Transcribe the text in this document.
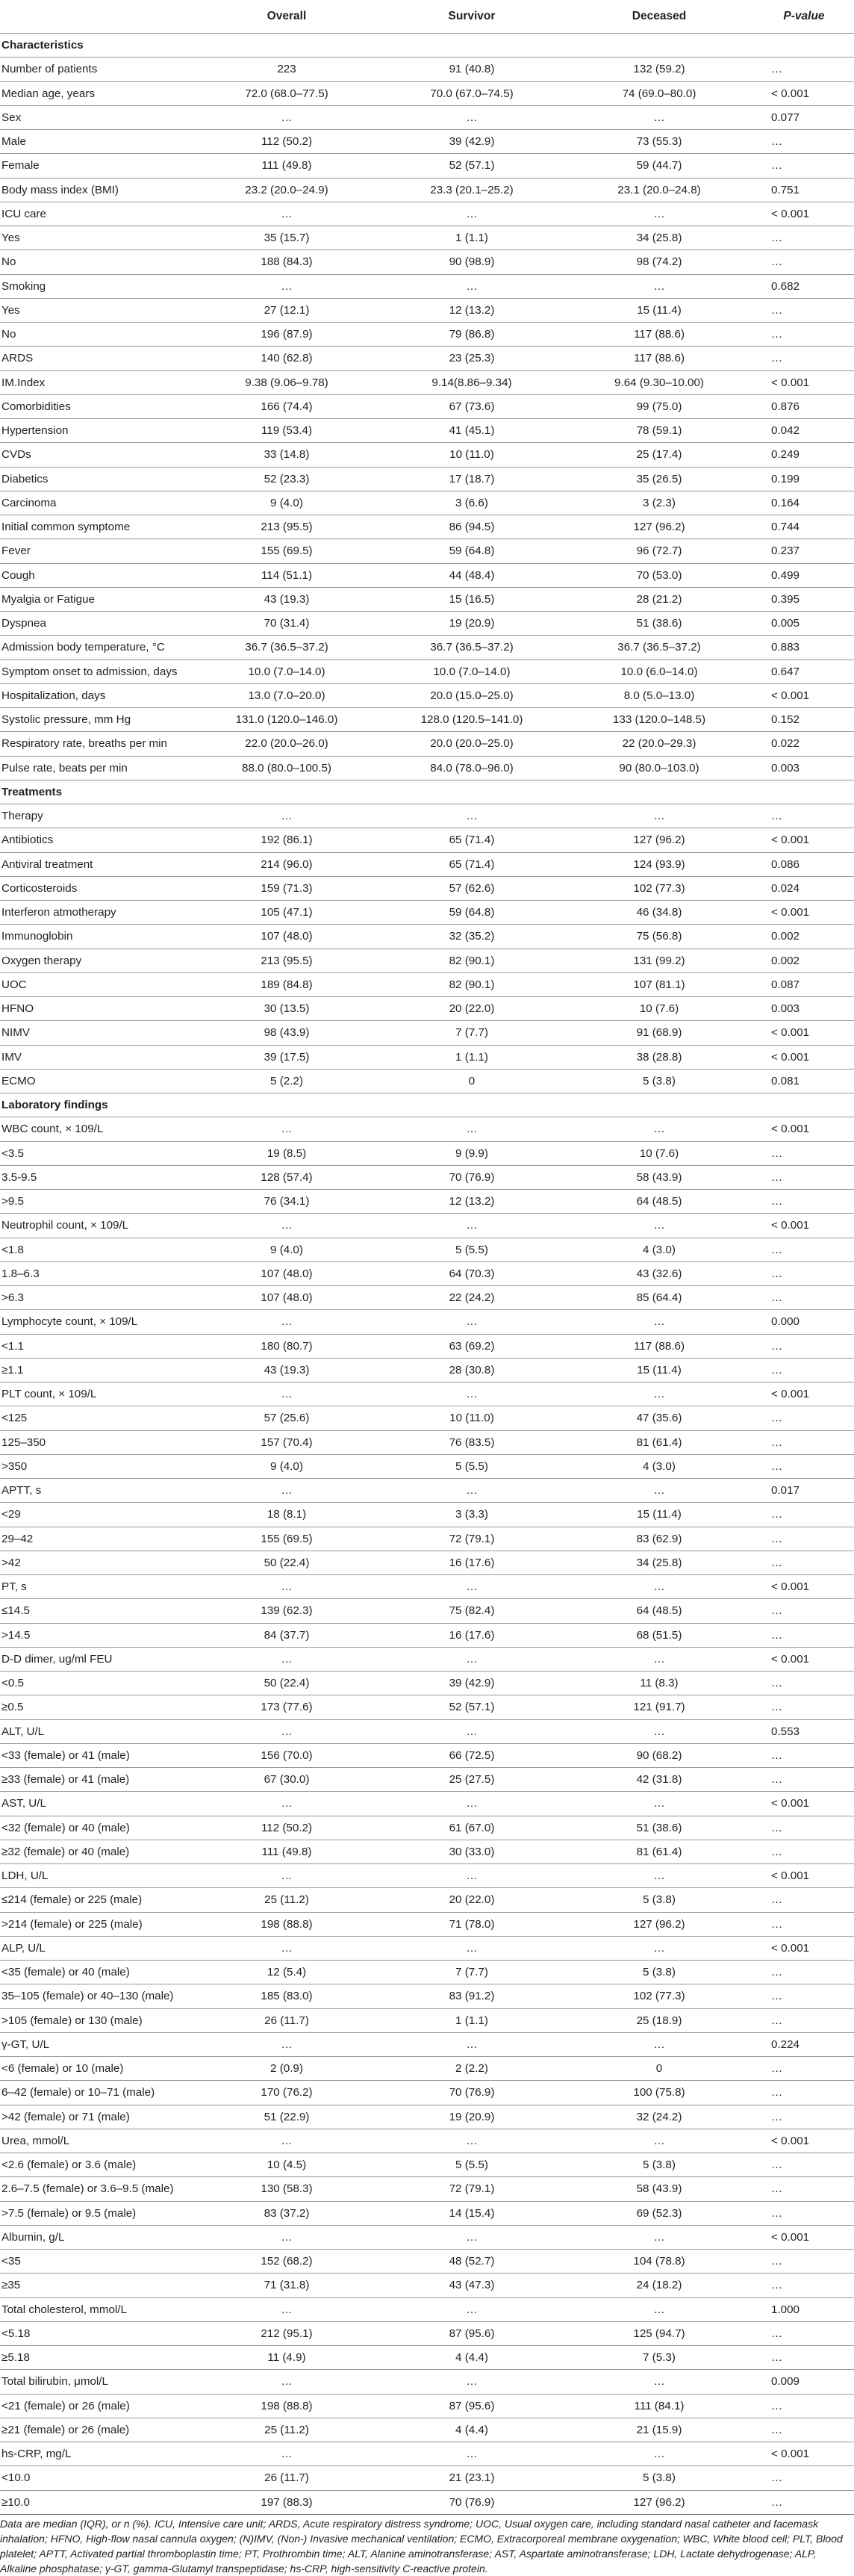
	Overall	Survivor	Deceased	P-value
Characteristics				
Number of patients	223	91 (40.8)	132 (59.2)	…
Median age, years	72.0 (68.0–77.5)	70.0 (67.0–74.5)	74 (69.0–80.0)	< 0.001
Sex	…	…	…	0.077
Male	112 (50.2)	39 (42.9)	73 (55.3)	…
Female	111 (49.8)	52 (57.1)	59 (44.7)	…
Body mass index (BMI)	23.2 (20.0–24.9)	23.3 (20.1–25.2)	23.1 (20.0–24.8)	0.751
ICU care	…	…	…	< 0.001
Yes	35 (15.7)	1 (1.1)	34 (25.8)	…
No	188 (84.3)	90 (98.9)	98 (74.2)	…
Smoking	…	…	…	0.682
Yes	27 (12.1)	12 (13.2)	15 (11.4)	…
No	196 (87.9)	79 (86.8)	117 (88.6)	…
ARDS	140 (62.8)	23 (25.3)	117 (88.6)	…
IM.Index	9.38 (9.06–9.78)	9.14(8.86–9.34)	9.64 (9.30–10.00)	< 0.001
Comorbidities	166 (74.4)	67 (73.6)	99 (75.0)	0.876
Hypertension	119 (53.4)	41 (45.1)	78 (59.1)	0.042
CVDs	33 (14.8)	10 (11.0)	25 (17.4)	0.249
Diabetics	52 (23.3)	17 (18.7)	35 (26.5)	0.199
Carcinoma	9 (4.0)	3 (6.6)	3 (2.3)	0.164
Initial common symptome	213 (95.5)	86 (94.5)	127 (96.2)	0.744
Fever	155 (69.5)	59 (64.8)	96 (72.7)	0.237
Cough	114 (51.1)	44 (48.4)	70 (53.0)	0.499
Myalgia or Fatigue	43 (19.3)	15 (16.5)	28 (21.2)	0.395
Dyspnea	70 (31.4)	19 (20.9)	51 (38.6)	0.005
Admission body temperature, °C	36.7 (36.5–37.2)	36.7 (36.5–37.2)	36.7 (36.5–37.2)	0.883
Symptom onset to admission, days	10.0 (7.0–14.0)	10.0 (7.0–14.0)	10.0 (6.0–14.0)	0.647
Hospitalization, days	13.0 (7.0–20.0)	20.0 (15.0–25.0)	8.0 (5.0–13.0)	< 0.001
Systolic pressure, mm Hg	131.0 (120.0–146.0)	128.0 (120.5–141.0)	133 (120.0–148.5)	0.152
Respiratory rate, breaths per min	22.0 (20.0–26.0)	20.0 (20.0–25.0)	22 (20.0–29.3)	0.022
Pulse rate, beats per min	88.0 (80.0–100.5)	84.0 (78.0–96.0)	90 (80.0–103.0)	0.003
Treatments				
Therapy	…	…	…	…
Antibiotics	192 (86.1)	65 (71.4)	127 (96.2)	< 0.001
Antiviral treatment	214 (96.0)	65 (71.4)	124 (93.9)	0.086
Corticosteroids	159 (71.3)	57 (62.6)	102 (77.3)	0.024
Interferon atmotherapy	105 (47.1)	59 (64.8)	46 (34.8)	< 0.001
Immunoglobin	107 (48.0)	32 (35.2)	75 (56.8)	0.002
Oxygen therapy	213 (95.5)	82 (90.1)	131 (99.2)	0.002
UOC	189 (84.8)	82 (90.1)	107 (81.1)	0.087
HFNO	30 (13.5)	20 (22.0)	10 (7.6)	0.003
NIMV	98 (43.9)	7 (7.7)	91 (68.9)	< 0.001
IMV	39 (17.5)	1 (1.1)	38 (28.8)	< 0.001
ECMO	5 (2.2)	0	5 (3.8)	0.081
Laboratory findings				
WBC count, × 109/L	…	…	…	< 0.001
<3.5	19 (8.5)	9 (9.9)	10 (7.6)	…
3.5-9.5	128 (57.4)	70 (76.9)	58 (43.9)	…
>9.5	76 (34.1)	12 (13.2)	64 (48.5)	…
Neutrophil count, × 109/L	…	…	…	< 0.001
<1.8	9 (4.0)	5 (5.5)	4 (3.0)	…
1.8–6.3	107 (48.0)	64 (70.3)	43 (32.6)	…
>6.3	107 (48.0)	22 (24.2)	85 (64.4)	…
Lymphocyte count, × 109/L	…	…	…	0.000
<1.1	180 (80.7)	63 (69.2)	117 (88.6)	…
≥1.1	43 (19.3)	28 (30.8)	15 (11.4)	…
PLT count, × 109/L	…	…	…	< 0.001
<125	57 (25.6)	10 (11.0)	47 (35.6)	…
125–350	157 (70.4)	76 (83.5)	81 (61.4)	…
>350	9 (4.0)	5 (5.5)	4 (3.0)	…
APTT, s	…	…	…	0.017
<29	18 (8.1)	3 (3.3)	15 (11.4)	…
29–42	155 (69.5)	72 (79.1)	83 (62.9)	…
>42	50 (22.4)	16 (17.6)	34 (25.8)	…
PT, s	…	…	…	< 0.001
≤14.5	139 (62.3)	75 (82.4)	64 (48.5)	…
>14.5	84 (37.7)	16 (17.6)	68 (51.5)	…
D-D dimer, ug/ml FEU	…	…	…	< 0.001
<0.5	50 (22.4)	39 (42.9)	11 (8.3)	…
≥0.5	173 (77.6)	52 (57.1)	121 (91.7)	…
ALT, U/L	…	…	…	0.553
<33 (female) or 41 (male)	156 (70.0)	66 (72.5)	90 (68.2)	…
≥33 (female) or 41 (male)	67 (30.0)	25 (27.5)	42 (31.8)	…
AST, U/L	…	…	…	< 0.001
<32 (female) or 40 (male)	112 (50.2)	61 (67.0)	51 (38.6)	…
≥32 (female) or 40 (male)	111 (49.8)	30 (33.0)	81 (61.4)	…
LDH, U/L	…	…	…	< 0.001
≤214 (female) or 225 (male)	25 (11.2)	20 (22.0)	5 (3.8)	…
>214 (female) or 225 (male)	198 (88.8)	71 (78.0)	127 (96.2)	…
ALP, U/L	…	…	…	< 0.001
<35 (female) or 40 (male)	12 (5.4)	7 (7.7)	5 (3.8)	…
35–105 (female) or 40–130 (male)	185 (83.0)	83 (91.2)	102 (77.3)	…
>105 (female) or 130 (male)	26 (11.7)	1 (1.1)	25 (18.9)	…
γ-GT, U/L	…	…	…	0.224
<6 (female) or 10 (male)	2 (0.9)	2 (2.2)	0	…
6–42 (female) or 10–71 (male)	170 (76.2)	70 (76.9)	100 (75.8)	…
>42 (female) or 71 (male)	51 (22.9)	19 (20.9)	32 (24.2)	…
Urea, mmol/L	…	…	…	< 0.001
<2.6 (female) or 3.6 (male)	10 (4.5)	5 (5.5)	5 (3.8)	…
2.6–7.5 (female) or 3.6–9.5 (male)	130 (58.3)	72 (79.1)	58 (43.9)	…
>7.5 (female) or 9.5 (male)	83 (37.2)	14 (15.4)	69 (52.3)	…
Albumin, g/L	…	…	…	< 0.001
<35	152 (68.2)	48 (52.7)	104 (78.8)	…
≥35	71 (31.8)	43 (47.3)	24 (18.2)	…
Total cholesterol, mmol/L	…	…	…	1.000
<5.18	212 (95.1)	87 (95.6)	125 (94.7)	…
≥5.18	11 (4.9)	4 (4.4)	7 (5.3)	…
Total bilirubin, μmol/L	…	…	…	0.009
<21 (female) or 26 (male)	198 (88.8)	87 (95.6)	111 (84.1)	…
≥21 (female) or 26 (male)	25 (11.2)	4 (4.4)	21 (15.9)	…
hs-CRP, mg/L	…	…	…	< 0.001
<10.0	26 (11.7)	21 (23.1)	5 (3.8)	…
≥10.0	197 (88.3)	70 (76.9)	127 (96.2)	…
Data are median (IQR), or n (%). ICU, Intensive care unit; ARDS, Acute respiratory distress syndrome; UOC, Usual oxygen care, including standard nasal catheter and facemask inhalation; HFNO, High-flow nasal cannula oxygen; (N)IMV, (Non-) Invasive mechanical ventilation; ECMO, Extracorporeal membrane oxygenation; WBC, White blood cell; PLT, Blood platelet; APTT, Activated partial thromboplastin time; PT, Prothrombin time; ALT, Alanine aminotransferase; AST, Aspartate aminotransferase; LDH, Lactate dehydrogenase; ALP, Alkaline phosphatase; γ-GT, gamma-Glutamyl transpeptidase; hs-CRP, high-sensitivity C-reactive protein.
